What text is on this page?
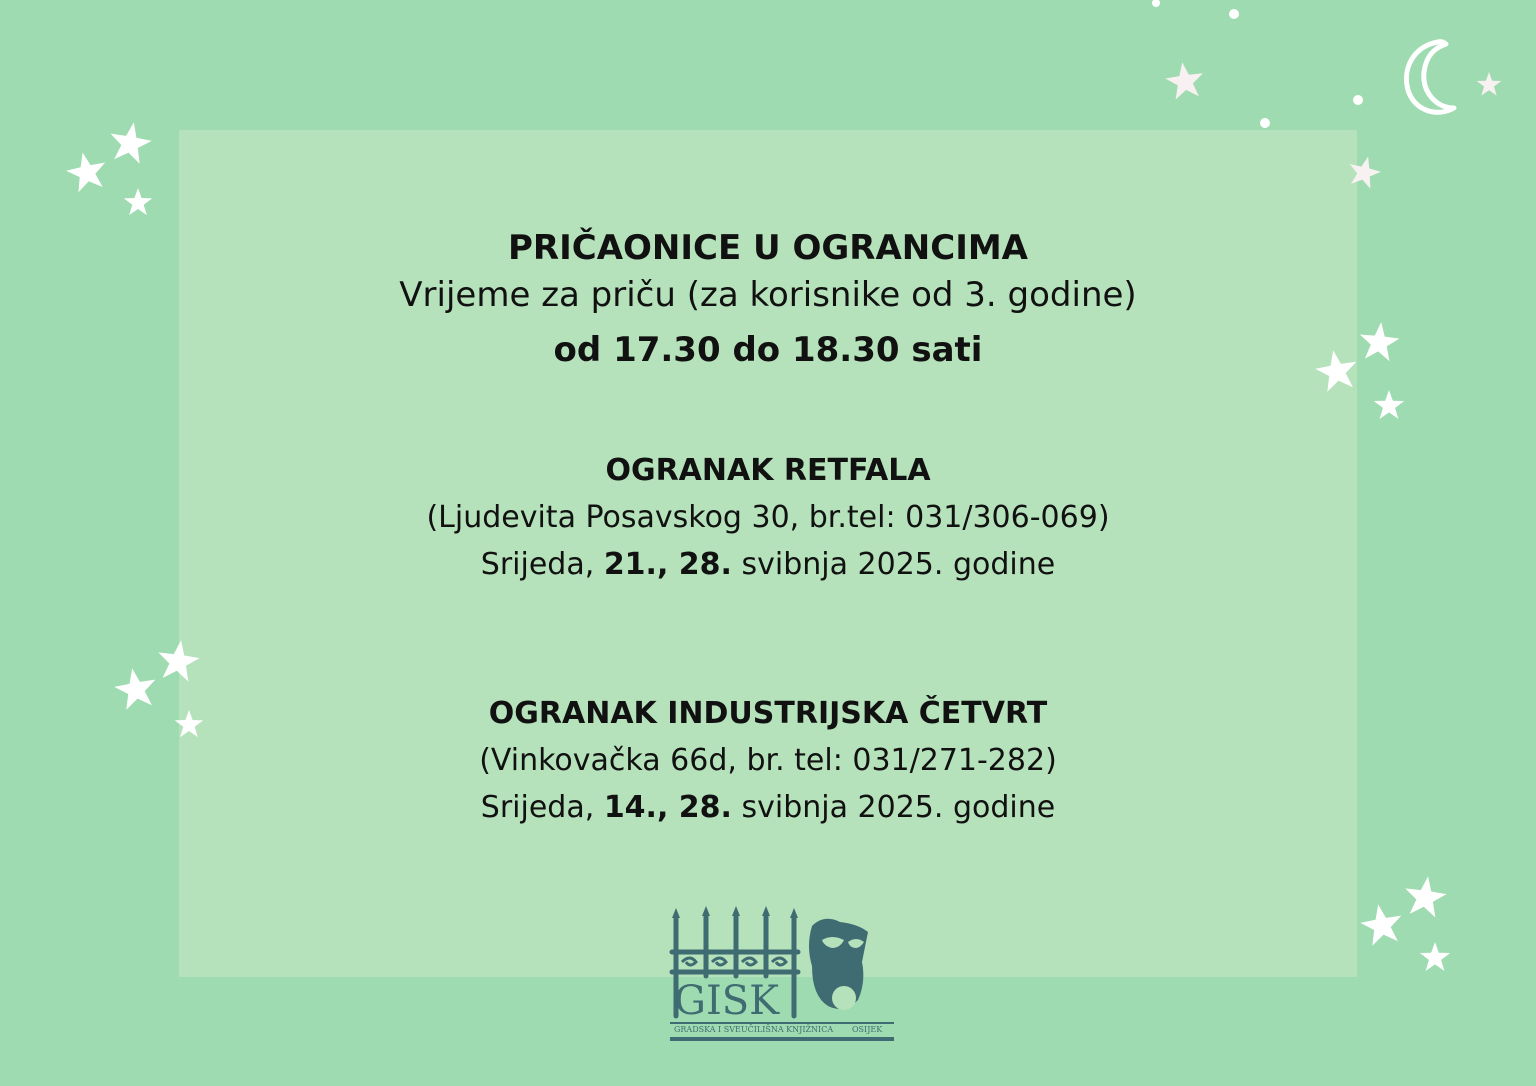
PRIČAONICE U OGRANCIMA

Vrijeme za priču (za korisnike od 3. godine)

od 17.30 do 18.30 sati

OGRANAK RETFALA

(Ljudevita Posavskog 30, br.tel: 031/306-069)

Srijeda, 21., 28. svibnja 2025. godine

OGRANAK INDUSTRIJSKA ČETVRT

(Vinkovačka 66d, br. tel: 031/271-282)

Srijeda, 14., 28. svibnja 2025. godine

GISK
GRADSKA I SVEUČILIŠNA KNJIŽNICA OSIJEK
